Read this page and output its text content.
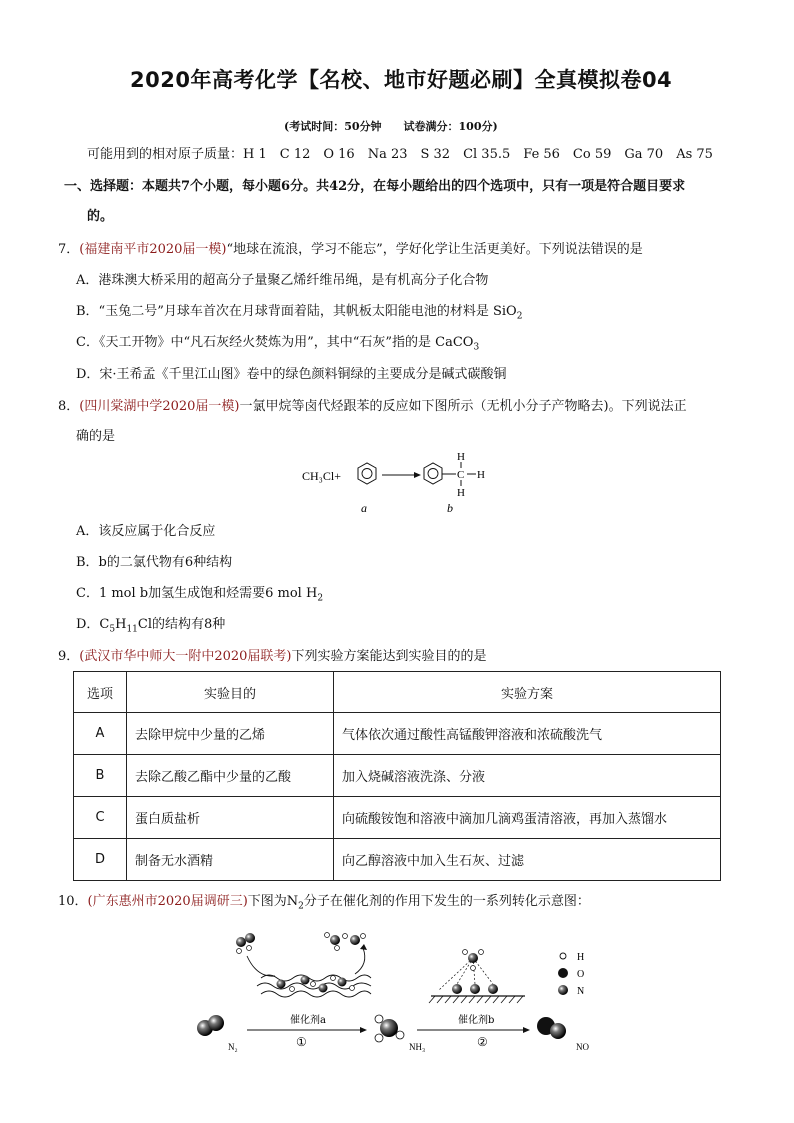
2020年高考化学【名校、地市好题必刷】全真模拟卷04
(考试时间：50分钟　　试卷满分：100分)
可能用到的相对原子质量：H 1　C 12　O 16　Na 23　S 32　Cl 35.5　Fe 56　Co 59　Ga 70　As 75
一、选择题：本题共7个小题，每小题6分。共42分，在每小题给出的四个选项中，只有一项是符合题目要求
的。
7．(福建南平市2020届一模)“地球在流浪，学习不能忘”，学好化学让生活更美好。下列说法错误的是
A．港珠澳大桥采用的超高分子量聚乙烯纤维吊绳，是有机高分子化合物
B．“玉兔二号”月球车首次在月球背面着陆，其帆板太阳能电池的材料是 SiO$_2$
C．《天工开物》中“凡石灰经火焚炼为用”，其中“石灰”指的是 CaCO$_3$
D．宋·王希孟《千里江山图》卷中的绿色颜料铜绿的主要成分是碱式碳酸铜
8．(四川棠湖中学2020届一模)一氯甲烷等卤代烃跟苯的反应如下图所示（无机小分子产物略去)。下列说法正
确的是
CH₃Cl+	C
H
H
H
a	b
A．该反应属于化合反应
B．b的二氯代物有6种结构
C．1 mol b加氢生成饱和烃需要6 mol $H_2$
D．$C_5H_{11}Cl$的结构有8种
9．(武汉市华中师大一附中2020届联考)下列实验方案能达到实验目的的是
选项	实验目的	实验方案
A	去除甲烷中少量的乙烯	气体依次通过酸性高锰酸钾溶液和浓硫酸洗气
B	去除乙酸乙酯中少量的乙酸	加入烧碱溶液洗涤、分液
C	蛋白质盐析	向硫酸铵饱和溶液中滴加几滴鸡蛋清溶液，再加入蒸馏水
D	制备无水酒精	向乙醇溶液中加入生石灰、过滤
10．(广东惠州市2020届调研三)下图为$N_2$分子在催化剂的作用下发生的一系列转化示意图：
N₂
催化剂a
①	NH₃
催化剂b
②	NO
H
O
N
